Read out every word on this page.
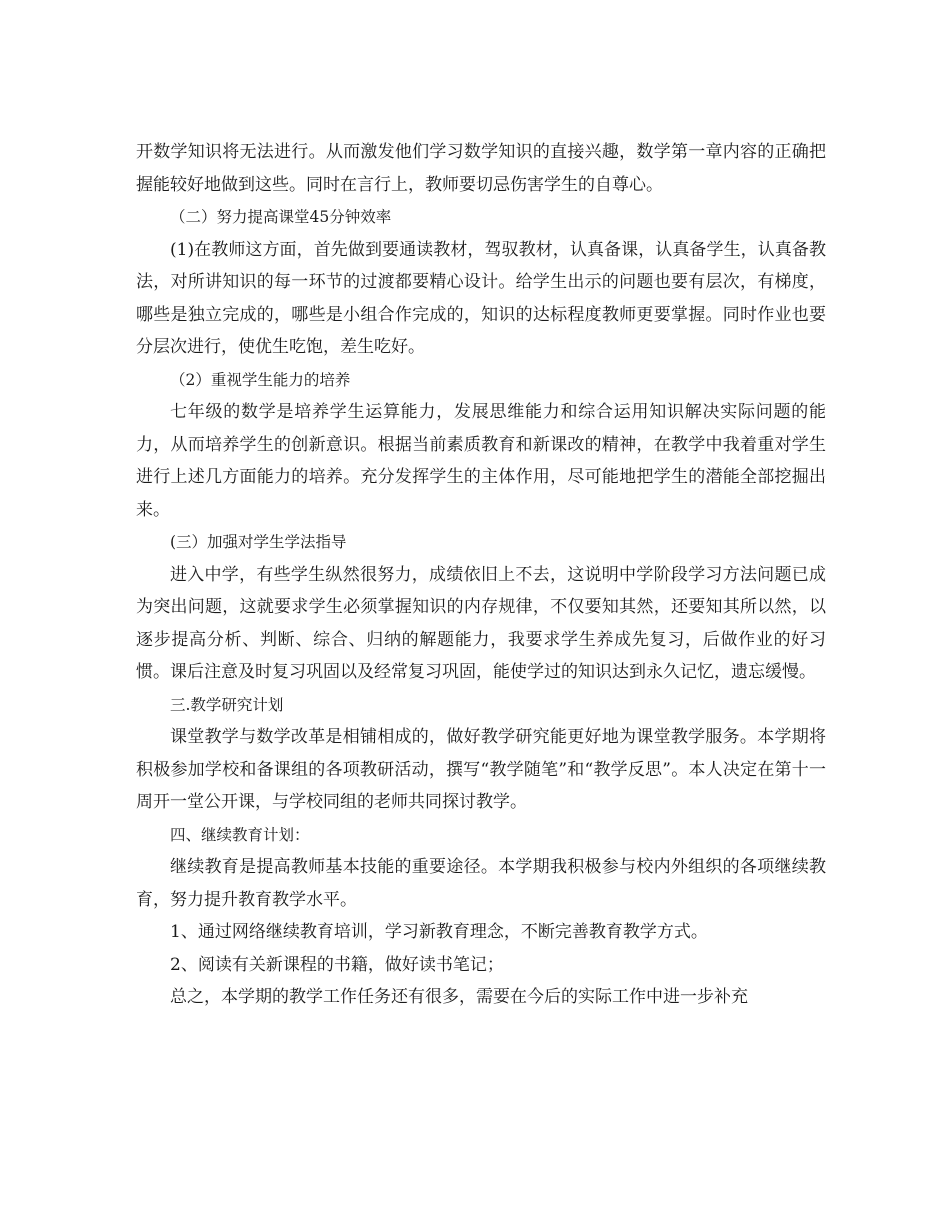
开数学知识将无法进行。从而激发他们学习数学知识的直接兴趣，数学第一章内容的正确把握能较好地做到这些。同时在言行上，教师要切忌伤害学生的自尊心。

（二）努力提高课堂45分钟效率

(1)在教师这方面，首先做到要通读教材，驾驭教材，认真备课，认真备学生，认真备教法，对所讲知识的每一环节的过渡都要精心设计。给学生出示的问题也要有层次，有梯度，哪些是独立完成的，哪些是小组合作完成的，知识的达标程度教师更要掌握。同时作业也要分层次进行，使优生吃饱，差生吃好。

（2）重视学生能力的培养

七年级的数学是培养学生运算能力，发展思维能力和综合运用知识解决实际问题的能力，从而培养学生的创新意识。根据当前素质教育和新课改的精神，在教学中我着重对学生进行上述几方面能力的培养。充分发挥学生的主体作用，尽可能地把学生的潜能全部挖掘出来。

(三）加强对学生学法指导

进入中学，有些学生纵然很努力，成绩依旧上不去，这说明中学阶段学习方法问题已成为突出问题，这就要求学生必须掌握知识的内存规律，不仅要知其然，还要知其所以然，以逐步提高分析、判断、综合、归纳的解题能力，我要求学生养成先复习，后做作业的好习惯。课后注意及时复习巩固以及经常复习巩固，能使学过的知识达到永久记忆，遗忘缓慢。

三.教学研究计划

课堂教学与数学改革是相铺相成的，做好教学研究能更好地为课堂教学服务。本学期将积极参加学校和备课组的各项教研活动，撰写“教学随笔”和“教学反思”。本人决定在第十一周开一堂公开课，与学校同组的老师共同探讨教学。

四、继续教育计划：

继续教育是提高教师基本技能的重要途径。本学期我积极参与校内外组织的各项继续教育，努力提升教育教学水平。

1、通过网络继续教育培训，学习新教育理念，不断完善教育教学方式。

2、阅读有关新课程的书籍，做好读书笔记；

总之，本学期的教学工作任务还有很多，需要在今后的实际工作中进一步补充
